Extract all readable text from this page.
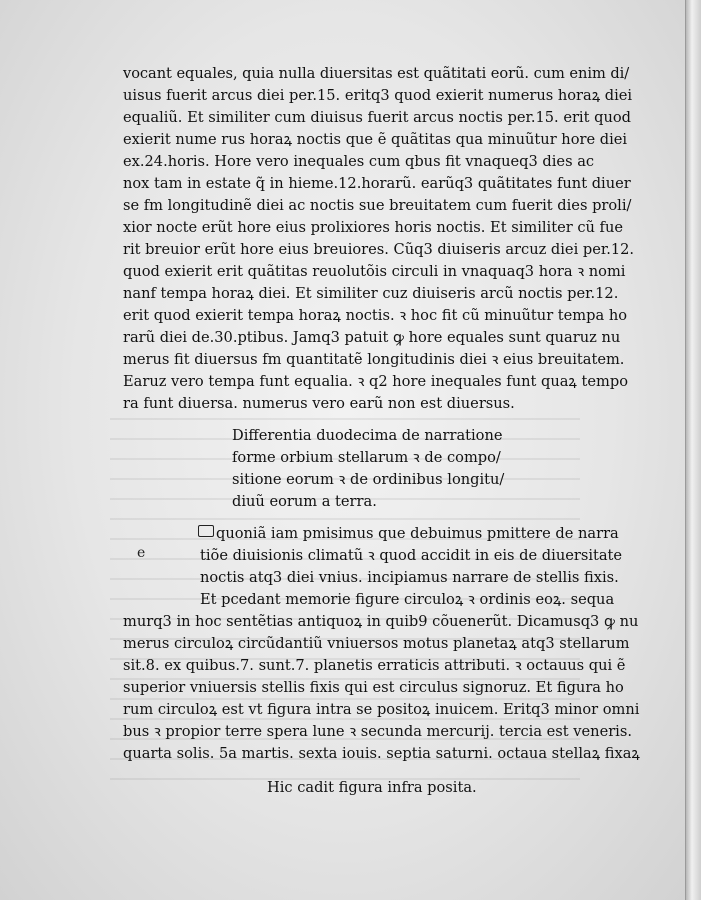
vocant equales, quia nulla diuersitas est quãtitati eorũ. cum enim di/

uisus fuerit arcus diei per.15. eritq3 quod exierit numerus horaꝝ diei

equaliũ. Et similiter cum diuisus fuerit arcus noctis per.15. erit quod

exierit nume rus horaꝝ noctis que ẽ quãtitas qua minuũtur hore diei

ex.24.horis. Hore vero inequales cum qbus fit vnaqueq3 dies ac

nox tam in estate q̃ in hieme.12.horarũ. earũq3 quãtitates funt diuer

se fm longitudinẽ diei ac noctis sue breuitatem cum fuerit dies proli/

xior nocte erũt hore eius prolixiores horis noctis. Et similiter cũ fue

rit breuior erũt hore eius breuiores. Cũq3 diuiseris arcuz diei per.12.

quod exierit erit quãtitas reuolutõis circuli in vnaquaq3 hora ꝛ nomi

nanf tempa horaꝝ diei. Et similiter cuz diuiseris arcũ noctis per.12.

erit quod exierit tempa horaꝝ noctis. ꝛ hoc fit cũ minuũtur tempa ho

rarũ diei de.30.ptibus. Jamq3 patuit ꝙ hore equales sunt quaruz nu

merus fit diuersus fm quantitatẽ longitudinis diei ꝛ eius breuitatem.

Earuz vero tempa funt equalia. ꝛ q2 hore inequales funt quaꝝ tempo

ra funt diuersa. numerus vero earũ non est diuersus.

Differentia duodecima de narratione

forme orbium stellarum ꝛ de compo/

sitione eorum ꝛ de ordinibus longitu/

diuũ eorum a terra.

e

quoniã iam pmisimus que debuimus pmittere de narra

tiõe diuisionis climatũ ꝛ quod accidit in eis de diuersitate

noctis atq3 diei vnius. incipiamus narrare de stellis fixis.

Et pcedant memorie figure circuloꝝ ꝛ ordinis eoꝝ. sequa

murq3 in hoc sentẽtias antiquoꝝ in quib9 cõuenerũt. Dicamusq3 ꝙ nu

merus circuloꝝ circũdantiũ vniuersos motus planetaꝝ atq3 stellarum

sit.8. ex quibus.7. sunt.7. planetis erraticis attributi. ꝛ octauus qui ẽ

superior vniuersis stellis fixis qui est circulus signoruz. Et figura ho

rum circuloꝝ est vt figura intra se positoꝝ inuicem. Eritq3 minor omni

bus ꝛ propior terre spera lune ꝛ secunda mercurij. tercia est veneris.

quarta solis. 5a martis. sexta iouis. septia saturni. octaua stellaꝝ fixaꝝ

Hic cadit figura infra posita.
